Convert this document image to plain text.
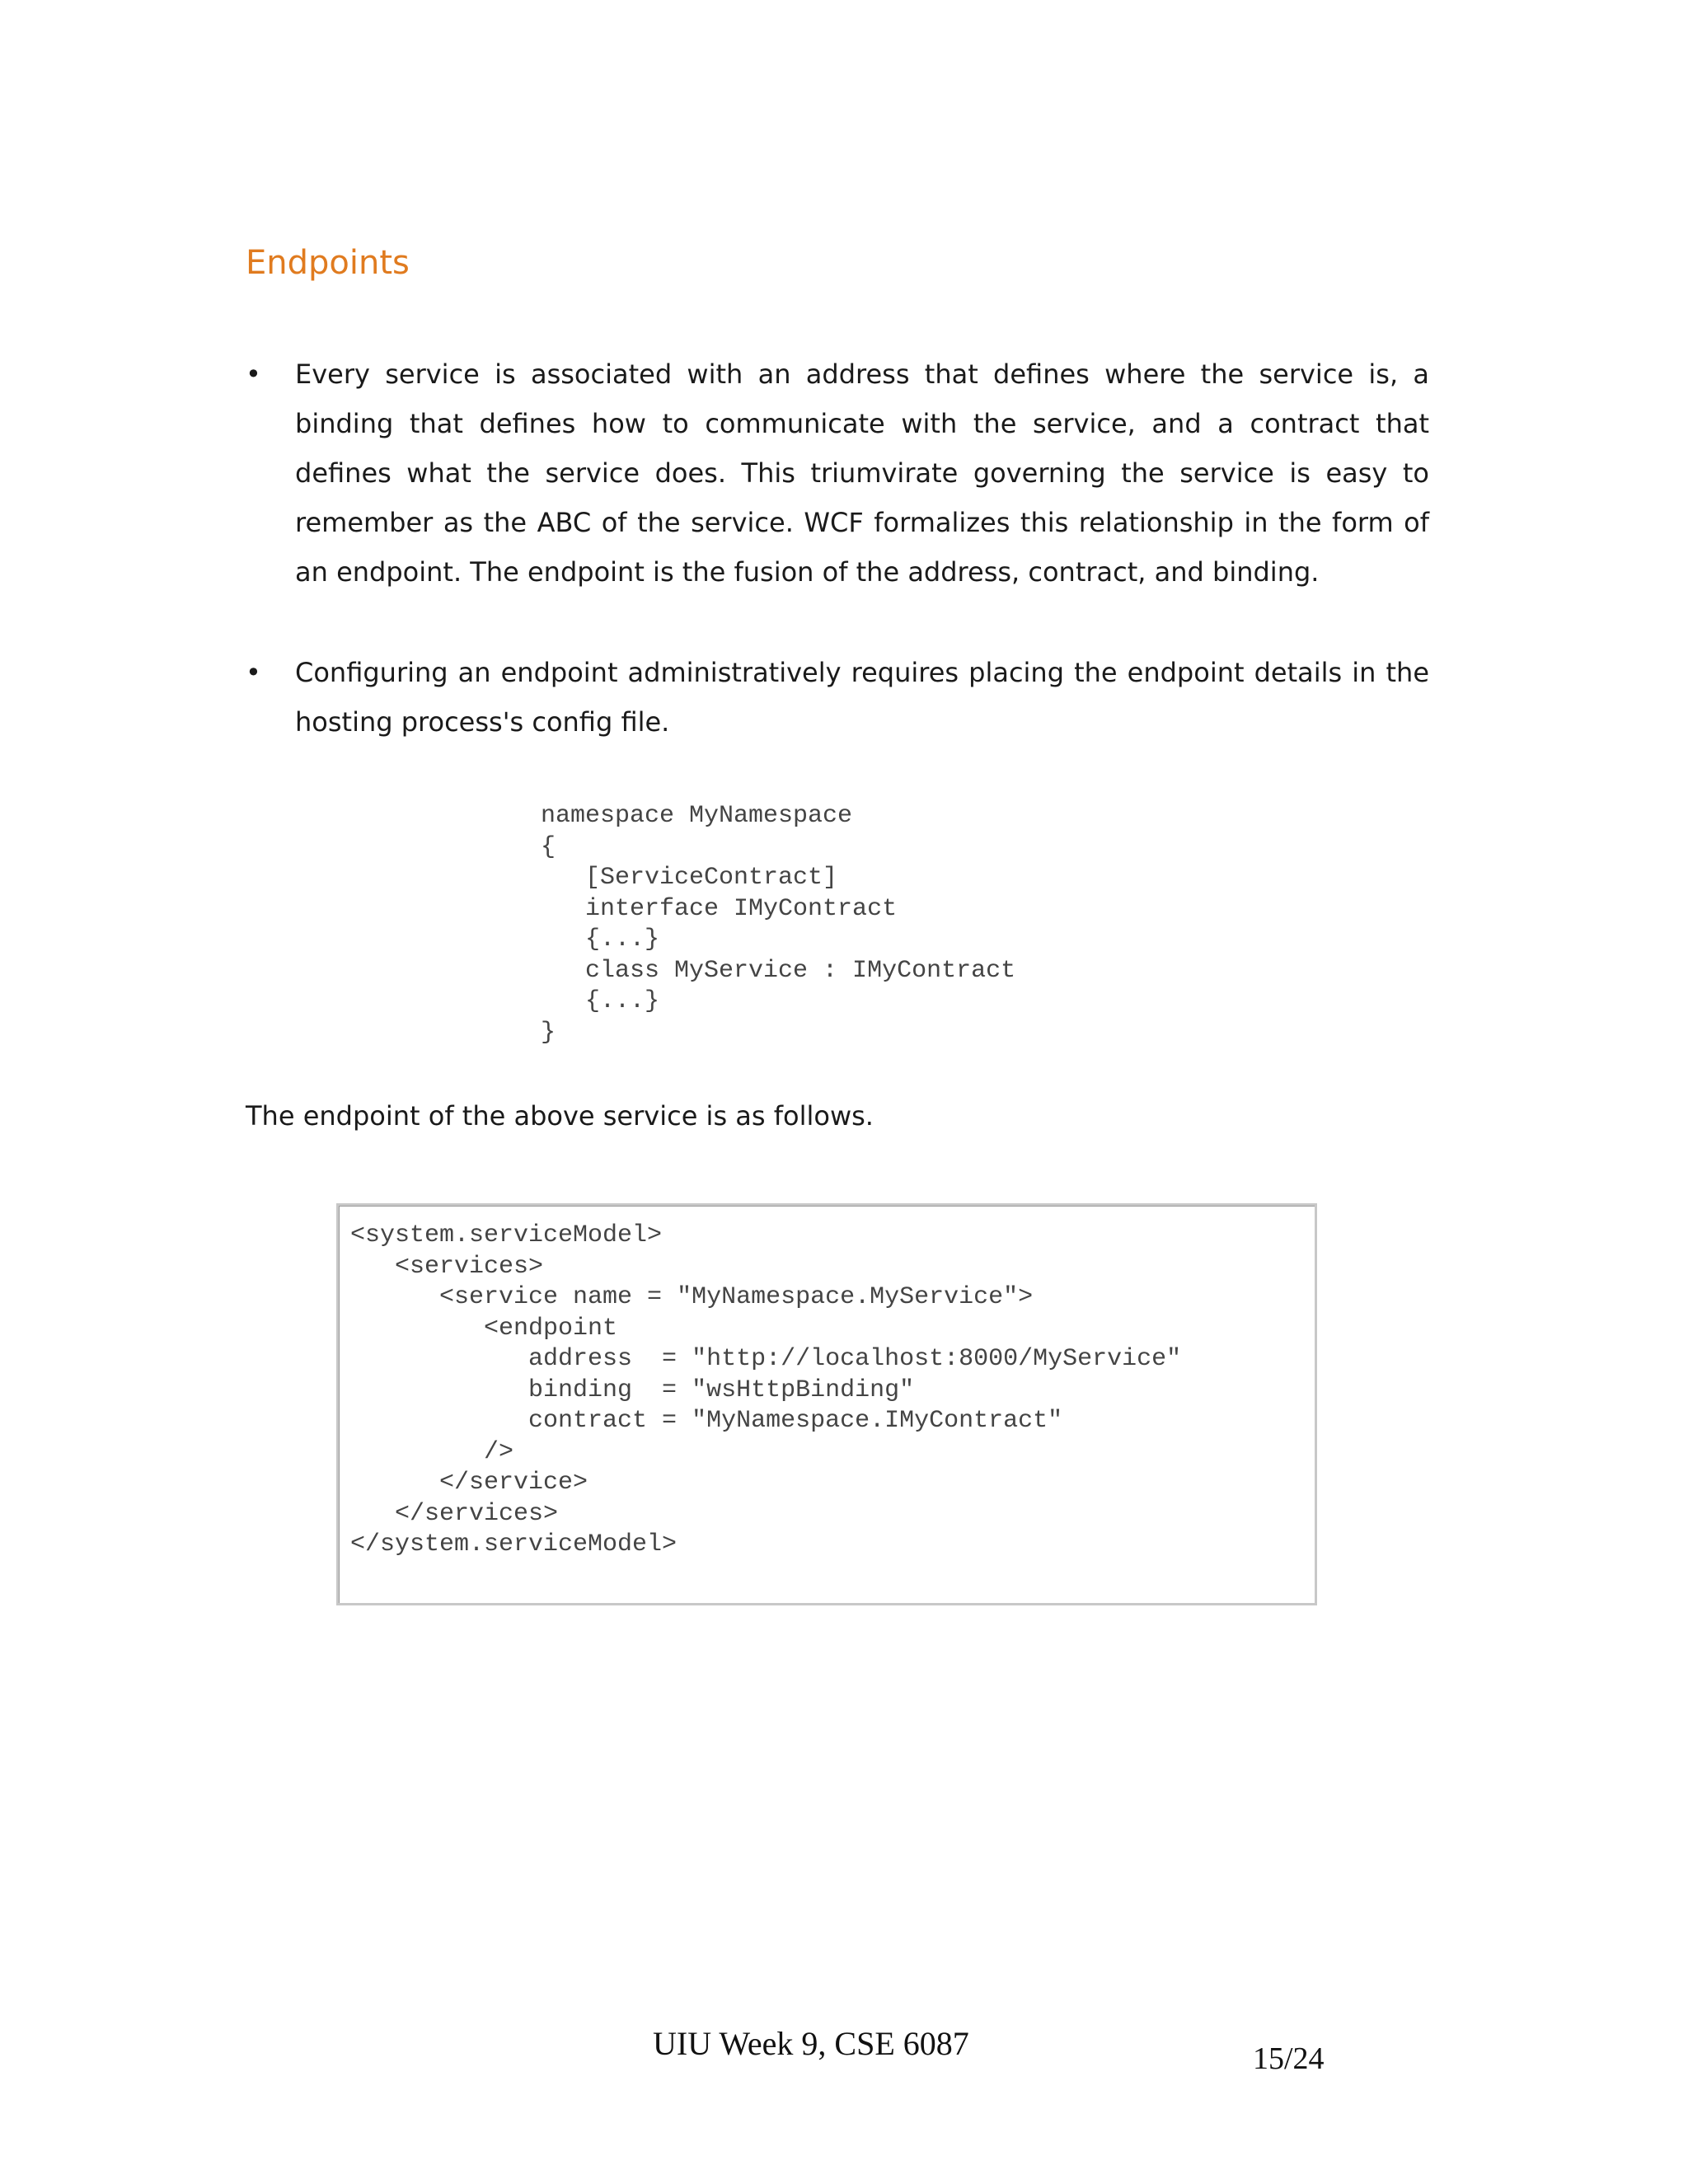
Endpoints
•	Every service is associated with an address that defines where the service is, a binding that defines how to communicate with the service, and a contract that defines what the service does. This triumvirate governing the service is easy to remember as the ABC of the service. WCF formalizes this relationship in the form of an endpoint. The endpoint is the fusion of the address, contract, and binding.
•	Configuring an endpoint administratively requires placing the endpoint details in the hosting process's config file.
namespace MyNamespace
{
[ServiceContract]
interface IMyContract
{...}
class MyService : IMyContract
{...}
}
The endpoint of the above service is as follows.
<system.serviceModel>
<services>
<service name = "MyNamespace.MyService">
<endpoint
address  = "http://localhost:8000/MyService"
binding  = "wsHttpBinding"
contract = "MyNamespace.IMyContract"
/>
</service>
</services>
</system.serviceModel>
UIU Week 9, CSE 6087	15/24
